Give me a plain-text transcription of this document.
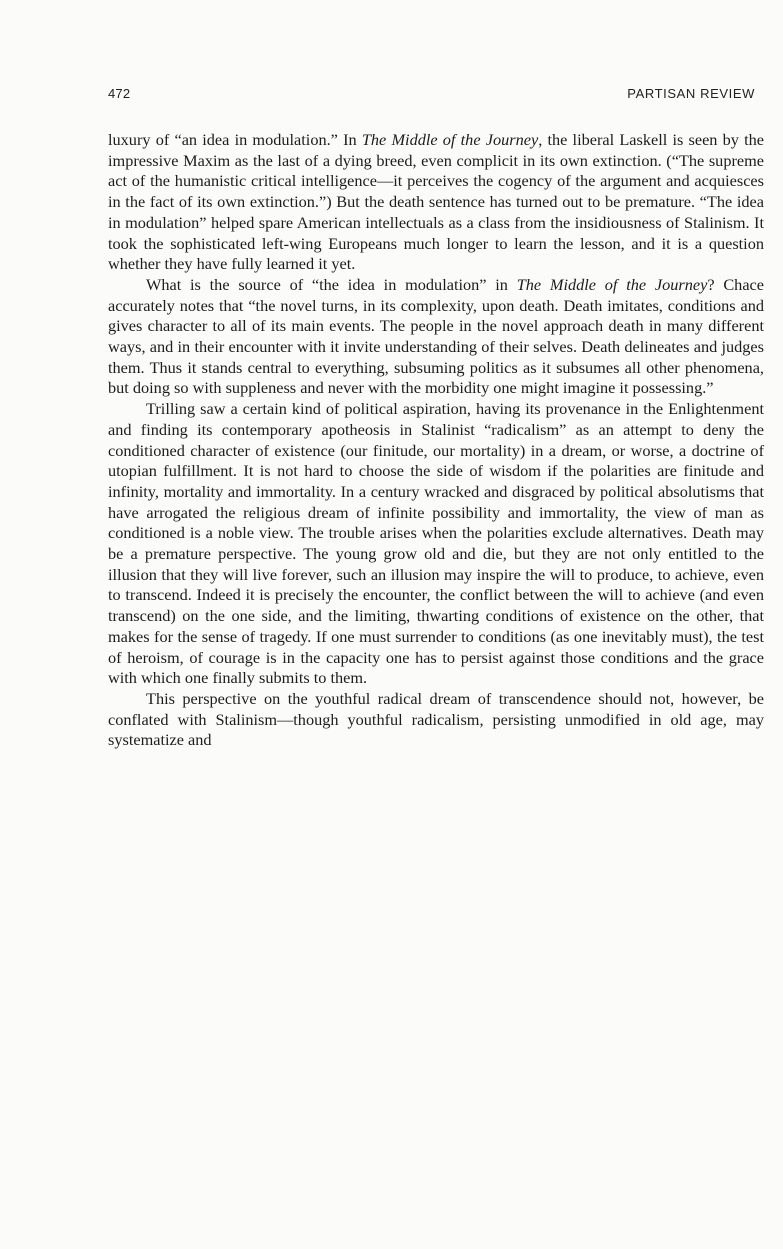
472	PARTISAN REVIEW

luxury of “an idea in modulation.” In The Middle of the Journey, the liberal Laskell is seen by the impressive Maxim as the last of a dying breed, even complicit in its own extinction. (“The supreme act of the humanistic critical intelligence—it perceives the cogency of the argument and acquiesces in the fact of its own extinction.”) But the death sentence has turned out to be premature. “The idea in modulation” helped spare American intellectuals as a class from the insidiousness of Stalinism. It took the sophisticated left-wing Europeans much longer to learn the lesson, and it is a question whether they have fully learned it yet.

What is the source of “the idea in modulation” in The Middle of the Journey? Chace accurately notes that “the novel turns, in its complexity, upon death. Death imitates, conditions and gives character to all of its main events. The people in the novel approach death in many different ways, and in their encounter with it invite understanding of their selves. Death delineates and judges them. Thus it stands central to everything, subsuming politics as it subsumes all other phenomena, but doing so with suppleness and never with the morbidity one might imagine it possessing.”

Trilling saw a certain kind of political aspiration, having its provenance in the Enlightenment and finding its contemporary apotheosis in Stalinist “radicalism” as an attempt to deny the conditioned character of existence (our finitude, our mortality) in a dream, or worse, a doctrine of utopian fulfillment. It is not hard to choose the side of wisdom if the polarities are finitude and infinity, mortality and immortality. In a century wracked and disgraced by political absolutisms that have arrogated the religious dream of infinite possibility and immortality, the view of man as conditioned is a noble view. The trouble arises when the polarities exclude alternatives. Death may be a premature perspective. The young grow old and die, but they are not only entitled to the illusion that they will live forever, such an illusion may inspire the will to produce, to achieve, even to transcend. Indeed it is precisely the encounter, the conflict between the will to achieve (and even transcend) on the one side, and the limiting, thwarting conditions of existence on the other, that makes for the sense of tragedy. If one must surrender to conditions (as one inevitably must), the test of heroism, of courage is in the capacity one has to persist against those conditions and the grace with which one finally submits to them.

This perspective on the youthful radical dream of transcendence should not, however, be conflated with Stalinism—though youthful radicalism, persisting unmodified in old age, may systematize and
